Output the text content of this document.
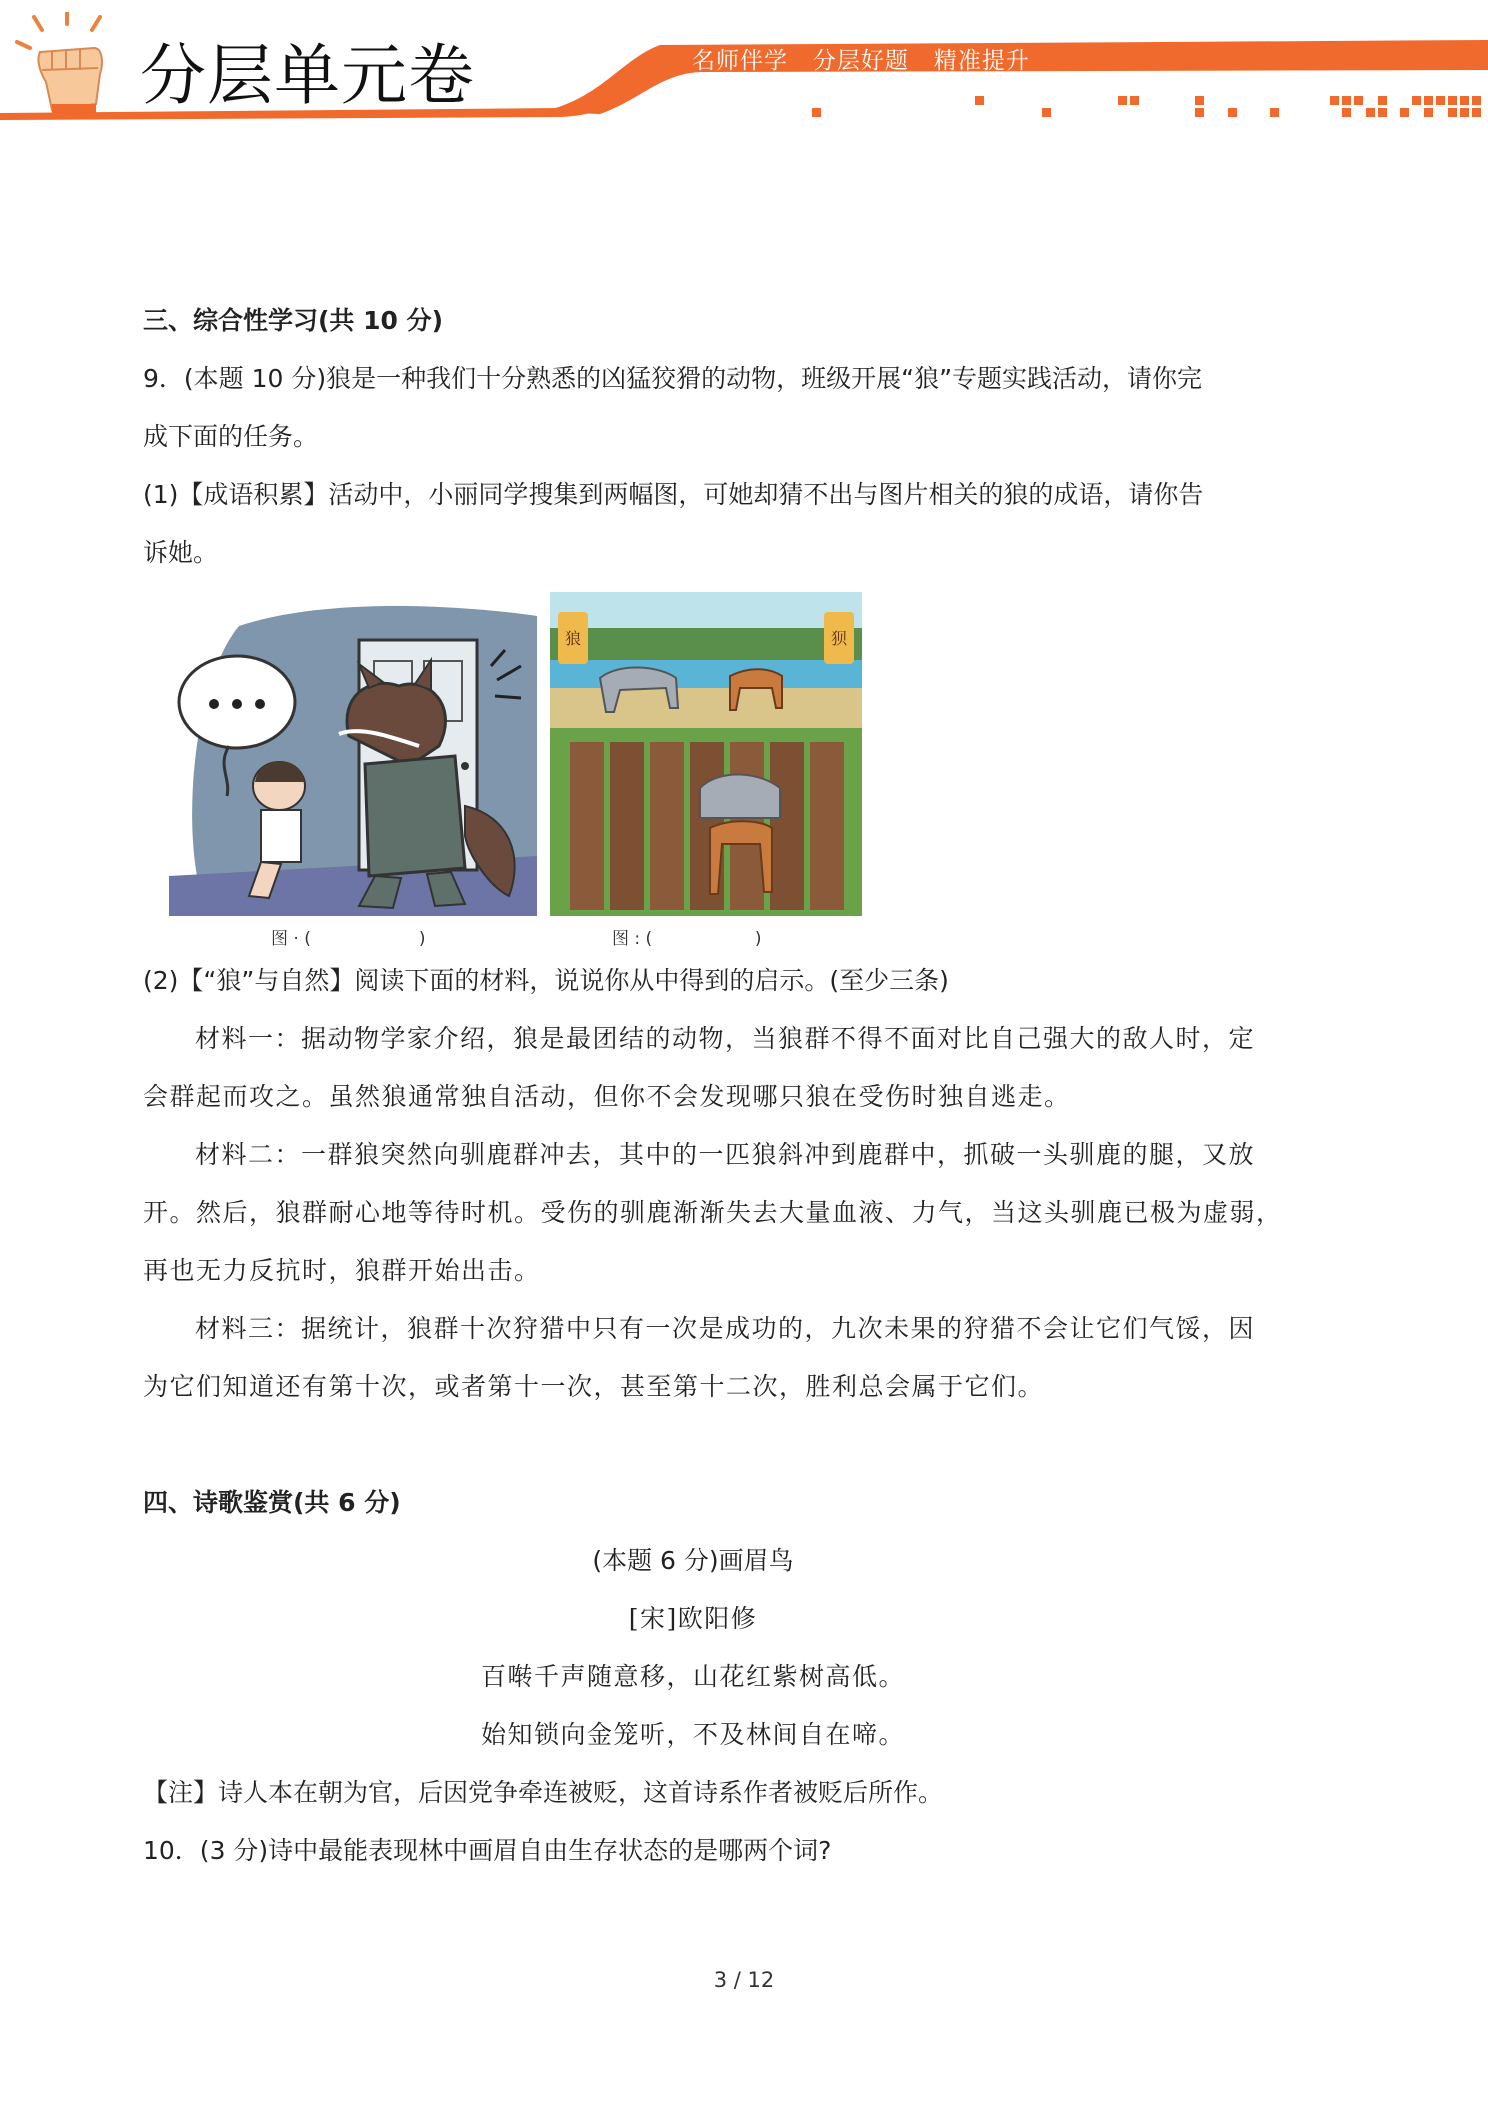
分层单元卷	名师伴学   分层好题   精准提升
三、综合性学习(共 10 分)
9．(本题 10 分)狼是一种我们十分熟悉的凶猛狡猾的动物，班级开展“狼”专题实践活动，请你完
成下面的任务。
(1)【成语积累】活动中，小丽同学搜集到两幅图，可她却猜不出与图片相关的狼的成语，请你告
诉她。
狼	狈
图 · (                    )	图 : (                   )
(2)【“狼”与自然】阅读下面的材料，说说你从中得到的启示。(至少三条)
材料一：据动物学家介绍，狼是最团结的动物，当狼群不得不面对比自己强大的敌人时，定
会群起而攻之。虽然狼通常独自活动，但你不会发现哪只狼在受伤时独自逃走。
材料二：一群狼突然向驯鹿群冲去，其中的一匹狼斜冲到鹿群中，抓破一头驯鹿的腿，又放
开。然后，狼群耐心地等待时机。受伤的驯鹿渐渐失去大量血液、力气，当这头驯鹿已极为虚弱，
再也无力反抗时，狼群开始出击。
材料三：据统计，狼群十次狩猎中只有一次是成功的，九次未果的狩猎不会让它们气馁，因
为它们知道还有第十次，或者第十一次，甚至第十二次，胜利总会属于它们。
四、诗歌鉴赏(共 6 分)
(本题 6 分)画眉鸟
[宋]欧阳修
百啭千声随意移，山花红紫树高低。
始知锁向金笼听，不及林间自在啼。
【注】诗人本在朝为官，后因党争牵连被贬，这首诗系作者被贬后所作。
10．(3 分)诗中最能表现林中画眉自由生存状态的是哪两个词?
3 / 12
